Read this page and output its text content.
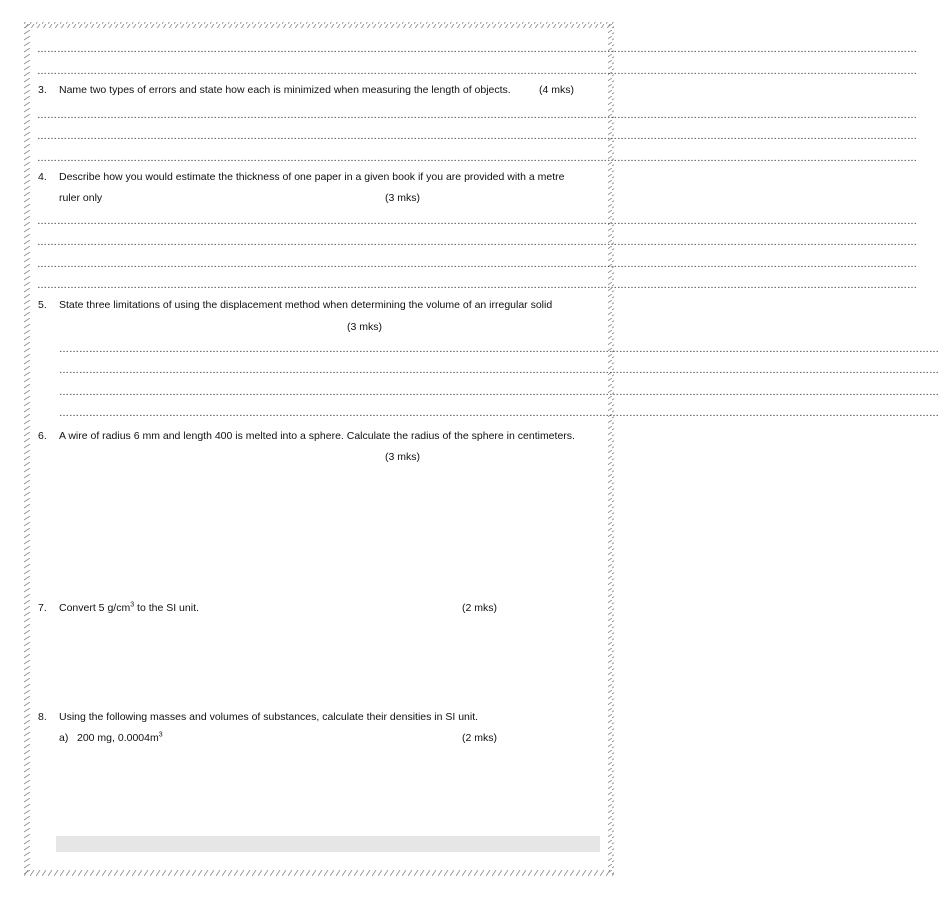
…………………………………………………………………………………………………………………………………………………………………………………………………………………………………………
…………………………………………………………………………………………………………………………………………………………………………………………………………………………………………
3. Name two types of errors and state how each is minimized when measuring the length of objects.	(4 mks)
…………………………………………………………………………………………………………………………………………………………………………………………………………………………………………
…………………………………………………………………………………………………………………………………………………………………………………………………………………………………………
…………………………………………………………………………………………………………………………………………………………………………………………………………………………………………
4. Describe how you would estimate the thickness of one paper in a given book if you are provided with a metre
ruler only	(3 mks)
…………………………………………………………………………………………………………………………………………………………………………………………………………………………………………
…………………………………………………………………………………………………………………………………………………………………………………………………………………………………………
…………………………………………………………………………………………………………………………………………………………………………………………………………………………………………
…………………………………………………………………………………………………………………………………………………………………………………………………………………………………………
5. State three limitations of using the displacement method when determining the volume of an irregular solid
(3 mks)
…………………………………………………………………………………………………………………………………………………………………………………………………………………………………………
…………………………………………………………………………………………………………………………………………………………………………………………………………………………………………
…………………………………………………………………………………………………………………………………………………………………………………………………………………………………………
…………………………………………………………………………………………………………………………………………………………………………………………………………………………………………
6. A wire of radius 6 mm and length 400 is melted into a sphere. Calculate the radius of the sphere in centimeters.
(3 mks)
7. Convert 5 $g/cm^3$ to the SI unit.	(2 mks)
8. Using the following masses and volumes of substances, calculate their densities in SI unit.
a) 200 mg, $0.0004m^3$	(2 mks)
